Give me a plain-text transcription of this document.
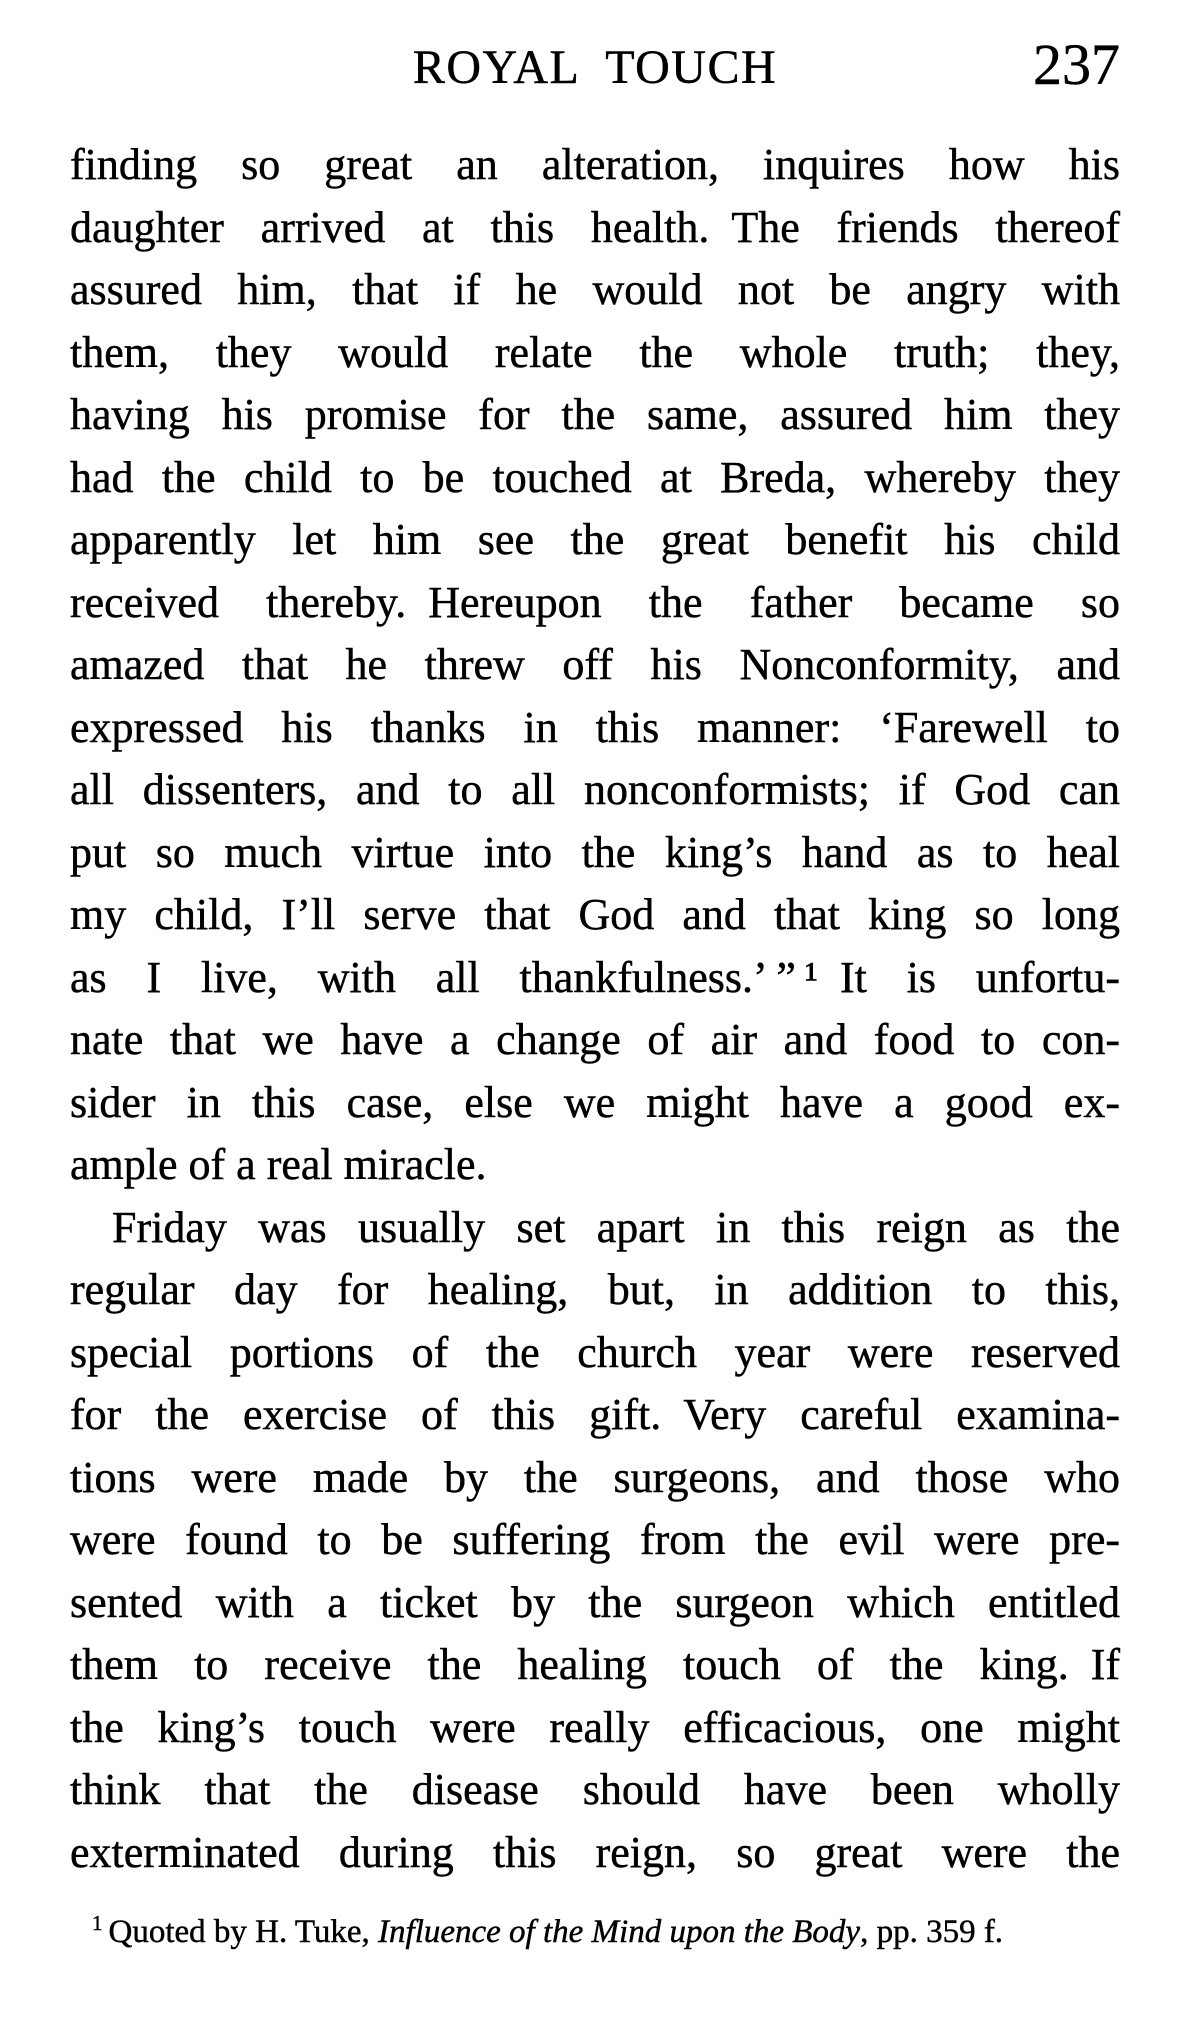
ROYAL TOUCH	237
finding so great an alteration, inquires how his
daughter arrived at this health. The friends thereof
assured him, that if he would not be angry with
them, they would relate the whole truth; they,
having his promise for the same, assured him they
had the child to be touched at Breda, whereby they
apparently let him see the great benefit his child
received thereby. Hereupon the father became so
amazed that he threw off his Nonconformity, and
expressed his thanks in this manner: ‘Farewell to
all dissenters, and to all nonconformists; if God can
put so much virtue into the king’s hand as to heal
my child, I’ll serve that God and that king so long
as I live, with all thankfulness.’ ” ¹ It is unfortu-
nate that we have a change of air and food to con-
sider in this case, else we might have a good ex-
ample of a real miracle.
Friday was usually set apart in this reign as the
regular day for healing, but, in addition to this,
special portions of the church year were reserved
for the exercise of this gift. Very careful examina-
tions were made by the surgeons, and those who
were found to be suffering from the evil were pre-
sented with a ticket by the surgeon which entitled
them to receive the healing touch of the king. If
the king’s touch were really efficacious, one might
think that the disease should have been wholly
exterminated during this reign, so great were the
$^1$ Quoted by H. Tuke, Influence of the Mind upon the Body, pp. 359 f.
